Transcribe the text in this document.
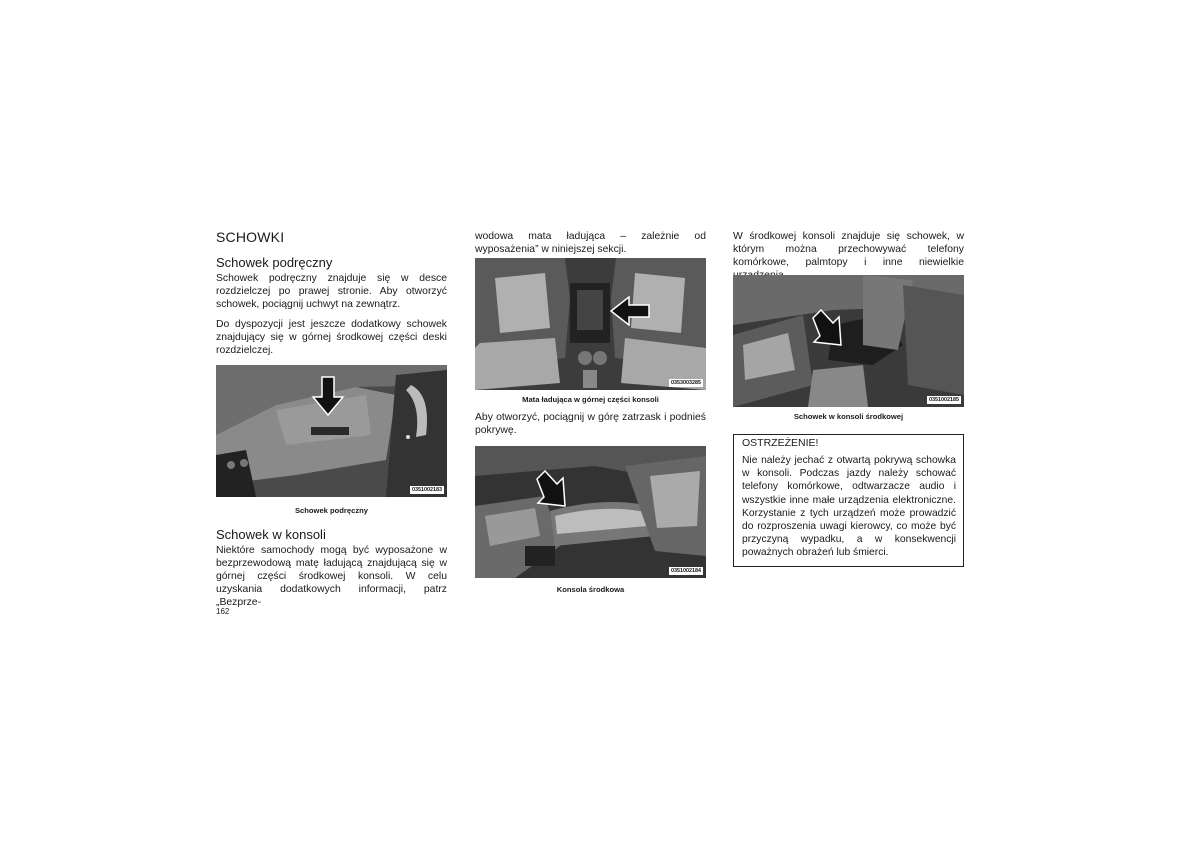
SCHOWKI
Schowek podręczny

Schowek podręczny znajduje się w desce rozdzielczej po prawej stronie. Aby otworzyć schowek, pociągnij uchwyt na zewnątrz.

Do dyspozycji jest jeszcze dodatkowy schowek znajdujący się w górnej środkowej części deski rozdzielczej.

0351002183
Schowek podręczny
Schowek w konsoli

Niektóre samochody mogą być wyposażone w bezprzewodową matę ładującą znajdującą się w górnej części środkowej konsoli. W celu uzyskania dodatkowych informacji, patrz „Bezprze-

162

wodowa mata ładująca – zależnie od wyposażenia” w niniejszej sekcji.

0353003285
Mata ładująca w górnej części konsoli

Aby otworzyć, pociągnij w górę zatrzask i podnieś pokrywę.

0351002184
Konsola środkowa

W środkowej konsoli znajduje się schowek, w którym można przechowywać telefony komórkowe, palmtopy i inne niewielkie

0351002185
Schowek w konsoli środkowej
OSTRZEŻENIE!
Nie należy jechać z otwartą pokrywą schowka w konsoli. Podczas jazdy należy schować telefony komórkowe, odtwarzacze audio i wszystkie inne małe urządzenia elektroniczne. Korzystanie z tych urządzeń może prowadzić do rozproszenia uwagi kierowcy, co może być przyczyną wypadku, a w konsekwencji poważnych obrażeń lub śmierci.
